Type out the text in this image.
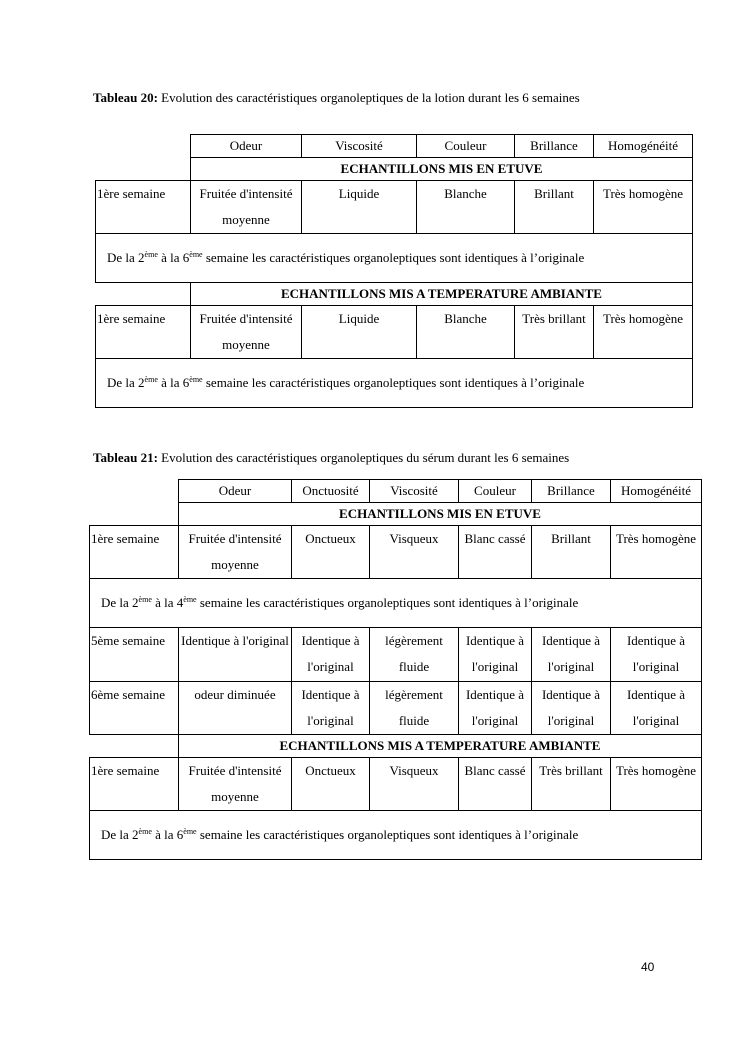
Tableau 20: Evolution des caractéristiques organoleptiques de la lotion durant les 6 semaines
	Odeur	Viscosité	Couleur	Brillance	Homogénéité
	ECHANTILLONS MIS EN ETUVE				
1ère semaine	Fruitée d'intensité moyenne	Liquide	Blanche	Brillant	Très homogène
De la 2ème à la 6ème semaine les caractéristiques organoleptiques sont identiques à l’originale					
	ECHANTILLONS MIS A TEMPERATURE AMBIANTE				
1ère semaine	Fruitée d'intensité moyenne	Liquide	Blanche	Très brillant	Très homogène
De la 2ème à la 6ème semaine les caractéristiques organoleptiques sont identiques à l’originale					
Tableau 21: Evolution des caractéristiques organoleptiques du sérum durant les 6 semaines
	Odeur	Onctuosité	Viscosité	Couleur	Brillance	Homogénéité
	ECHANTILLONS MIS EN ETUVE					
1ère semaine	Fruitée d'intensité moyenne	Onctueux	Visqueux	Blanc cassé	Brillant	Très homogène
De la 2ème à la 4ème semaine les caractéristiques organoleptiques sont identiques à l’originale						
5ème semaine	Identique à l'original	Identique à l'original	légèrement fluide	Identique à l'original	Identique à l'original	Identique à l'original
6ème semaine	odeur diminuée	Identique à l'original	légèrement fluide	Identique à l'original	Identique à l'original	Identique à l'original
	ECHANTILLONS MIS A TEMPERATURE AMBIANTE					
1ère semaine	Fruitée d'intensité moyenne	Onctueux	Visqueux	Blanc cassé	Très brillant	Très homogène
De la 2ème à la 6ème semaine les caractéristiques organoleptiques sont identiques à l’originale						
40
